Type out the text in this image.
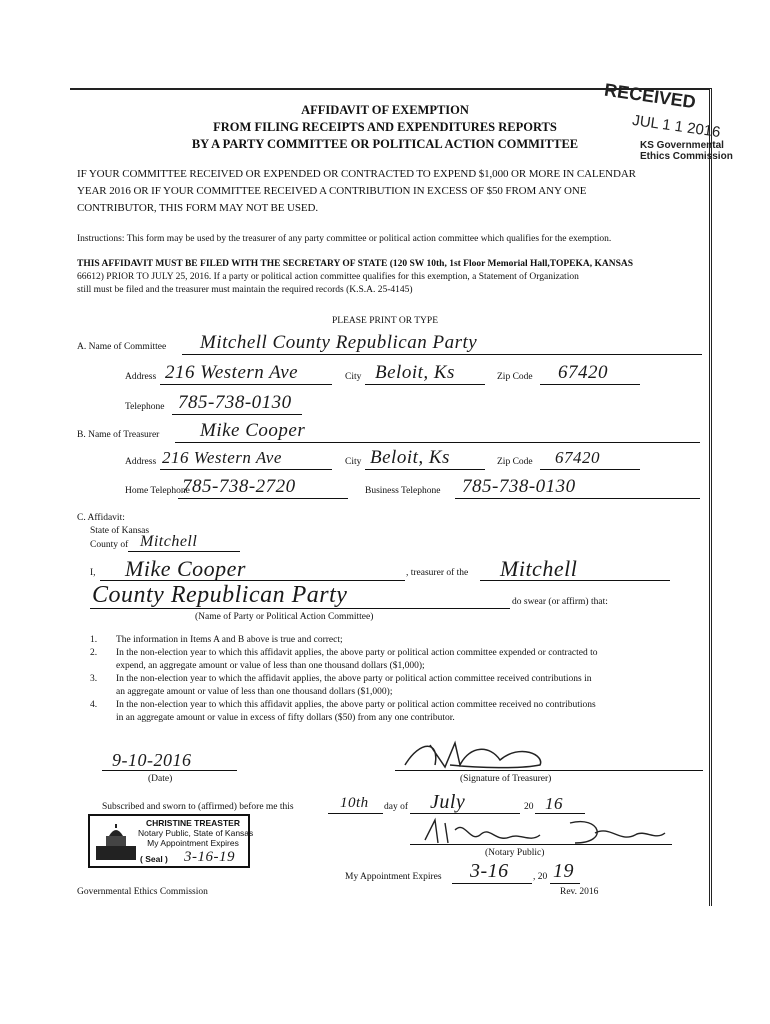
AFFIDAVIT OF EXEMPTION
FROM FILING RECEIPTS AND EXPENDITURES REPORTS
BY A PARTY COMMITTEE OR POLITICAL ACTION COMMITTEE
RECEIVED
JUL 1 1 2016
KS Governmental Ethics Commission
IF YOUR COMMITTEE RECEIVED OR EXPENDED OR CONTRACTED TO EXPEND $1,000 OR MORE IN CALENDAR
YEAR 2016 OR IF YOUR COMMITTEE RECEIVED A CONTRIBUTION IN EXCESS OF $50 FROM ANY ONE
CONTRIBUTOR, THIS FORM MAY NOT BE USED.
Instructions: This form may be used by the treasurer of any party committee or political action committee which qualifies for the exemption.
THIS AFFIDAVIT MUST BE FILED WITH THE SECRETARY OF STATE (120 SW 10th, 1st Floor Memorial Hall,TOPEKA, KANSAS
66612) PRIOR TO JULY 25, 2016. If a party or political action committee qualifies for this exemption, a Statement of Organization
still must be filed and the treasurer must maintain the required records (K.S.A. 25-4145)
PLEASE PRINT OR TYPE
A. Name of Committee Mitchell County Republican Party
Address 216 Western Ave	City Beloit, Ks	Zip Code 67420
Telephone 785-738-0130
B. Name of Treasurer Mike Cooper
Address 216 Western Ave	City Beloit, Ks	Zip Code 67420
Home Telephone
785-738-2720	Business Telephone 785-738-0130
C. Affidavit:
State of Kansas
County of Mitchell
I, Mike Cooper	, treasurer of the Mitchell
County Republican Party	do swear (or affirm) that:
(Name of Party or Political Action Committee)
1. The information in Items A and B above is true and correct;
2. In the non-election year to which this affidavit applies, the above party or political action committee expended or contracted to
expend, an aggregate amount or value of less than one thousand dollars ($1,000);
3. In the non-election year to which the affidavit applies, the above party or political action committee received contributions in
an aggregate amount or value of less than one thousand dollars ($1,000);
4. In the non-election year to which this affidavit applies, the above party or political action committee received no contributions
in an aggregate amount or value in excess of fifty dollars ($50) from any one contributor.
9-10-2016
(Date)	(Signature of Treasurer)
Subscribed and sworn to (affirmed) before me this	10th day of July	20 16
(Notary Public)
CHRISTINE TREASTER
Notary Public, State of Kansas
My Appointment Expires
( Seal ) 3-16-19
My Appointment Expires 3-16	, 20 19
Governmental Ethics Commission	Rev. 2016
